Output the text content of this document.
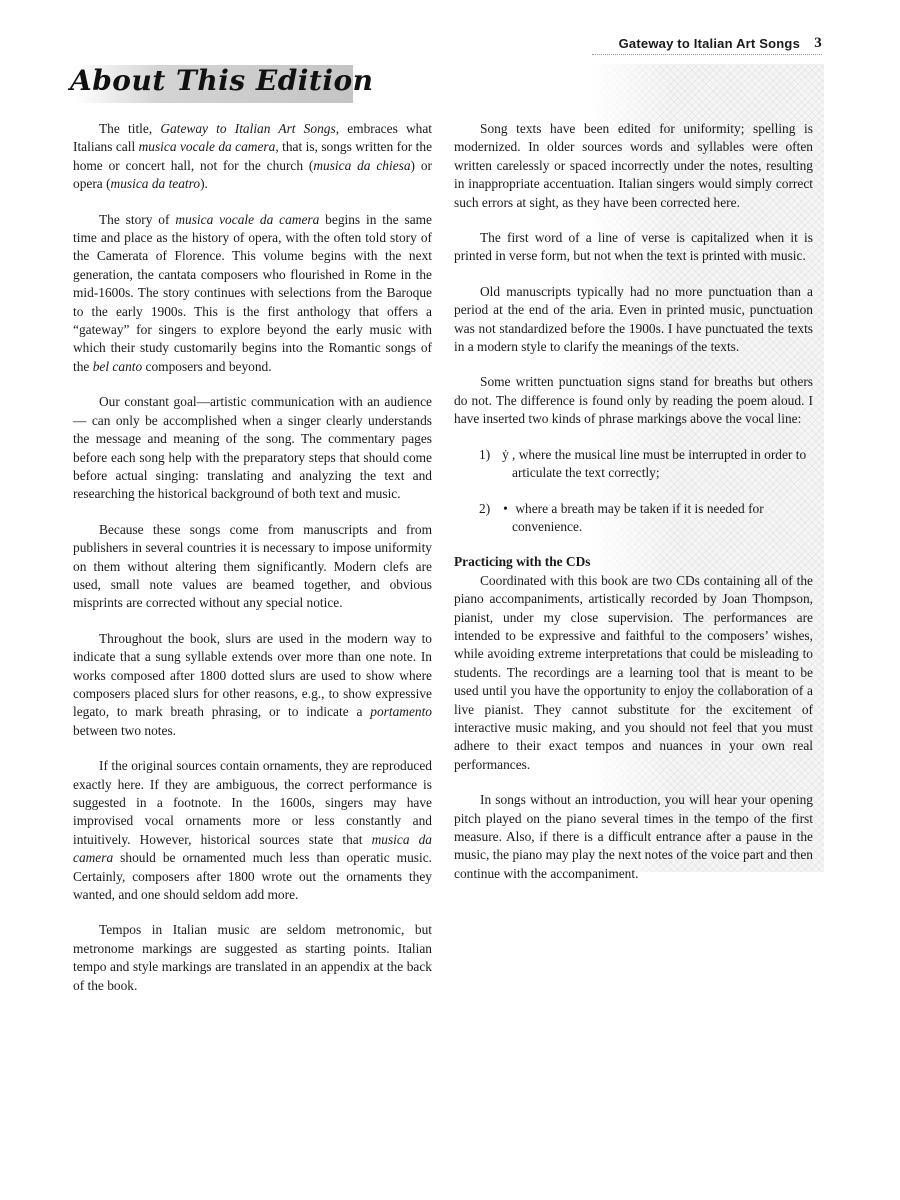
Gateway to Italian Art Songs 3
About This Edition

The title, Gateway to Italian Art Songs, embraces what Italians call musica vocale da camera, that is, songs written for the home or concert hall, not for the church (musica da chiesa) or opera (musica da teatro).

The story of musica vocale da camera begins in the same time and place as the history of opera, with the often told story of the Camerata of Florence. This volume begins with the next generation, the cantata composers who flourished in Rome in the mid-1600s. The story continues with selections from the Baroque to the early 1900s. This is the first anthology that offers a “gateway” for singers to explore beyond the early music with which their study customarily begins into the Romantic songs of the bel canto composers and beyond.

Our constant goal—artistic communication with an audience— can only be accomplished when a singer clearly understands the message and meaning of the song. The commentary pages before each song help with the preparatory steps that should come before actual singing: translating and analyzing the text and researching the historical background of both text and music.

Because these songs come from manuscripts and from publishers in several countries it is necessary to impose uniformity on them without altering them significantly. Modern clefs are used, small note values are beamed together, and obvious misprints are corrected without any special notice.

Throughout the book, slurs are used in the modern way to indicate that a sung syllable extends over more than one note. In works composed after 1800 dotted slurs are used to show where composers placed slurs for other reasons, e.g., to show expressive legato, to mark breath phrasing, or to indicate a portamento between two notes.

If the original sources contain ornaments, they are reproduced exactly here. If they are ambiguous, the correct performance is suggested in a footnote. In the 1600s, singers may have improvised vocal ornaments more or less constantly and intuitively. However, historical sources state that musica da camera should be ornamented much less than operatic music. Certainly, composers after 1800 wrote out the ornaments they wanted, and one should seldom add more.

Tempos in Italian music are seldom metronomic, but metronome markings are suggested as starting points. Italian tempo and style markings are translated in an appendix at the back of the book.

Song texts have been edited for uniformity; spelling is modernized. In older sources words and syllables were often written carelessly or spaced incorrectly under the notes, resulting in inappropriate accentuation. Italian singers would simply correct such errors at sight, as they have been corrected here.

The first word of a line of verse is capitalized when it is printed in verse form, but not when the text is printed with music.

Old manuscripts typically had no more punctuation than a period at the end of the aria. Even in printed music, punctuation was not standardized before the 1900s. I have punctuated the texts in a modern style to clarify the meanings of the texts.

Some written punctuation signs stand for breaths but others do not. The difference is found only by reading the poem aloud. I have inserted two kinds of phrase markings above the vocal line:

1) ẏ , where the musical line must be interrupted in order to articulate the text correctly;
2) • where a breath may be taken if it is needed for convenience.
Practicing with the CDs

Coordinated with this book are two CDs containing all of the piano accompaniments, artistically recorded by Joan Thompson, pianist, under my close supervision. The performances are intended to be expressive and faithful to the composers’ wishes, while avoiding extreme interpretations that could be misleading to students. The recordings are a learning tool that is meant to be used until you have the opportunity to enjoy the collaboration of a live pianist. They cannot substitute for the excitement of interactive music making, and you should not feel that you must adhere to their exact tempos and nuances in your own real performances.

In songs without an introduction, you will hear your opening pitch played on the piano several times in the tempo of the first measure. Also, if there is a difficult entrance after a pause in the music, the piano may play the next notes of the voice part and then continue with the accompaniment.
